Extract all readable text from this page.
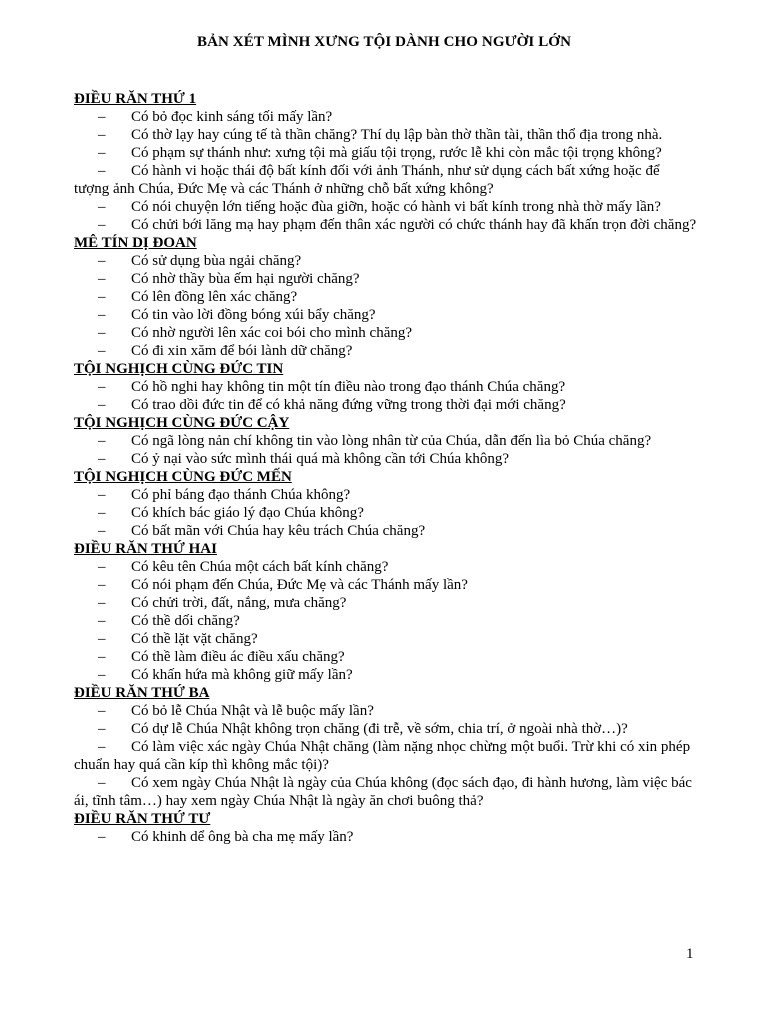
BẢN XÉT MÌNH XƯNG TỘI DÀNH CHO NGƯỜI LỚN
ĐIỀU RĂN THỨ 1
– Có bỏ đọc kinh sáng tối mấy lần?
– Có thờ lạy hay cúng tế tà thần chăng? Thí dụ lập bàn thờ thần tài, thần thổ địa trong nhà.
– Có phạm sự thánh như: xưng tội mà giấu tội trọng, rước lễ khi còn mắc tội trọng không?
– Có hành vi hoặc thái độ bất kính đối với ảnh Thánh, như sử dụng cách bất xứng hoặc để tượng ảnh Chúa, Đức Mẹ và các Thánh ở những chỗ bất xứng không?
– Có nói chuyện lớn tiếng hoặc đùa giỡn, hoặc có hành vi bất kính trong nhà thờ mấy lần?
– Có chửi bới lăng mạ hay phạm đến thân xác người có chức thánh hay đã khấn trọn đời chăng?
MÊ TÍN DỊ ĐOAN
– Có sử dụng bùa ngải chăng?
– Có nhờ thầy bùa ếm hại người chăng?
– Có lên đồng lên xác chăng?
– Có tin vào lời đồng bóng xúi bẩy chăng?
– Có nhờ người lên xác coi bói cho mình chăng?
– Có đi xin xăm để bói lành dữ chăng?
TỘI NGHỊCH CÙNG ĐỨC TIN
– Có hồ nghi hay không tin một tín điều nào trong đạo thánh Chúa chăng?
– Có trao dồi đức tin để có khả năng đứng vững trong thời đại mới chăng?
TỘI NGHỊCH CÙNG ĐỨC CẬY
– Có ngã lòng nản chí không tin vào lòng nhân từ của Chúa, dẫn đến lìa bỏ Chúa chăng?
– Có ỷ nại vào sức mình thái quá mà không cần tới Chúa không?
TỘI NGHỊCH CÙNG ĐỨC MẾN
– Có phỉ báng đạo thánh Chúa không?
– Có khích bác giáo lý đạo Chúa không?
– Có bất mãn với Chúa hay kêu trách Chúa chăng?
ĐIỀU RĂN THỨ HAI
– Có kêu tên Chúa một cách bất kính chăng?
– Có nói phạm đến Chúa, Đức Mẹ và các Thánh mấy lần?
– Có chửi trời, đất, nắng, mưa chăng?
– Có thề dối chăng?
– Có thề lặt vặt chăng?
– Có thề làm điều ác điều xấu chăng?
– Có khấn hứa mà không giữ mấy lần?
ĐIỀU RĂN THỨ BA
– Có bỏ lễ Chúa Nhật và lễ buộc mấy lần?
– Có dự lễ Chúa Nhật không trọn chăng (đi trễ, về sớm, chia trí, ở ngoài nhà thờ…)?
– Có làm việc xác ngày Chúa Nhật chăng (làm nặng nhọc chừng một buổi. Trừ khi có xin phép chuẩn hay quá cần kíp thì không mắc tội)?
– Có xem ngày Chúa Nhật là ngày của Chúa không (đọc sách đạo, đi hành hương, làm việc bác ái, tĩnh tâm…) hay xem ngày Chúa Nhật là ngày ăn chơi buông thả?
ĐIỀU RĂN THỨ TƯ
– Có khinh dể ông bà cha mẹ mấy lần?
1
